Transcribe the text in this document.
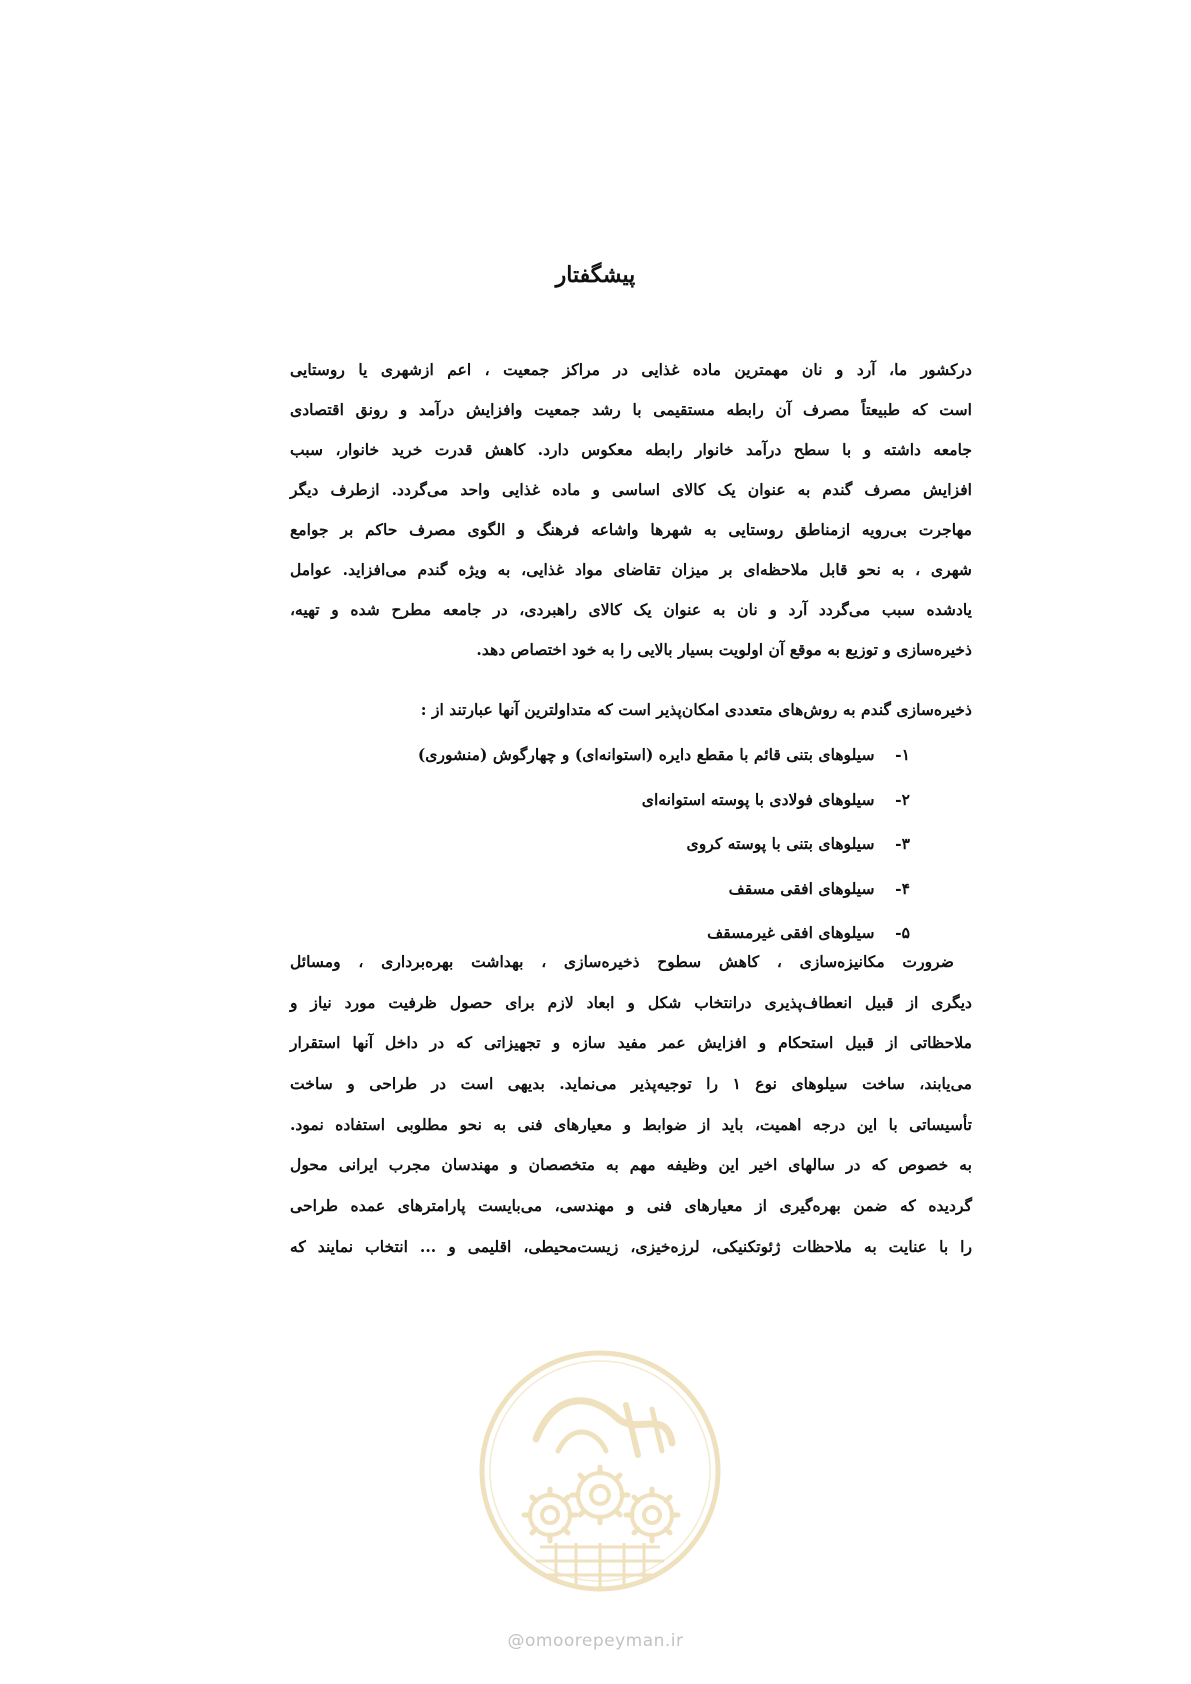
پیشگفتار
درکشور ما، آرد و نان مهمترین ماده غذایی در مراکز جمعیت ، اعم ازشهری یا روستایی
است که طبیعتاً مصرف آن رابطه مستقیمی با رشد جمعیت وافزایش درآمد و رونق اقتصادی
جامعه داشته و با سطح درآمد خانوار رابطه معکوس دارد. کاهش قدرت خرید خانوار، سبب
افزایش مصرف گندم به عنوان یک کالای اساسی و ماده غذایی واحد می‌گردد. ازطرف دیگر
مهاجرت بی‌رویه ازمناطق روستایی به شهرها واشاعه فرهنگ و الگوی مصرف حاکم بر جوامع
شهری ، به نحو قابل ملاحظه‌ای بر میزان تقاضای مواد غذایی، به ویژه گندم می‌افزاید. عوامل
یادشده سبب می‌گردد آرد و نان به عنوان یک کالای راهبردی، در جامعه مطرح شده و تهیه،
ذخیره‌سازی و توزیع به موقع آن اولویت بسیار بالایی را به خود اختصاص دهد.
ذخیره‌سازی گندم به روش‌های متعددی امکان‌پذیر است که متداولترین آنها عبارتند از :
۱- سیلوهای بتنی قائم با مقطع دایره (استوانه‌ای) و چهارگوش (منشوری)
۲- سیلوهای فولادی با پوسته استوانه‌ای
۳- سیلوهای بتنی با پوسته کروی
۴- سیلوهای افقی مسقف
۵- سیلوهای افقی غیرمسقف
ضرورت مکانیزه‌سازی ، کاهش سطوح ذخیره‌سازی ، بهداشت بهره‌برداری ، ومسائل
دیگری از قبیل انعطاف‌پذیری درانتخاب شکل و ابعاد لازم برای حصول ظرفیت مورد نیاز و
ملاحظاتی از قبیل استحکام و افزایش عمر مفید سازه و تجهیزاتی که در داخل آنها استقرار
می‌یابند، ساخت سیلوهای نوع ۱ را توجیه‌پذیر می‌نماید. بدیهی است در طراحی و ساخت
تأسیساتی با این درجه اهمیت، باید از ضوابط و معیارهای فنی به نحو مطلوبی استفاده نمود.
به خصوص که در سالهای اخیر این وظیفه مهم به متخصصان و مهندسان مجرب ایرانی محول
گردیده که ضمن بهره‌گیری از معیارهای فنی و مهندسی، می‌بایست پارامترهای عمده طراحی
را با عنایت به ملاحظات ژئوتکنیکی، لرزه‌خیزی، زیست‌محیطی، اقلیمی و ... انتخاب نمایند که
@omoorepeyman.ir
